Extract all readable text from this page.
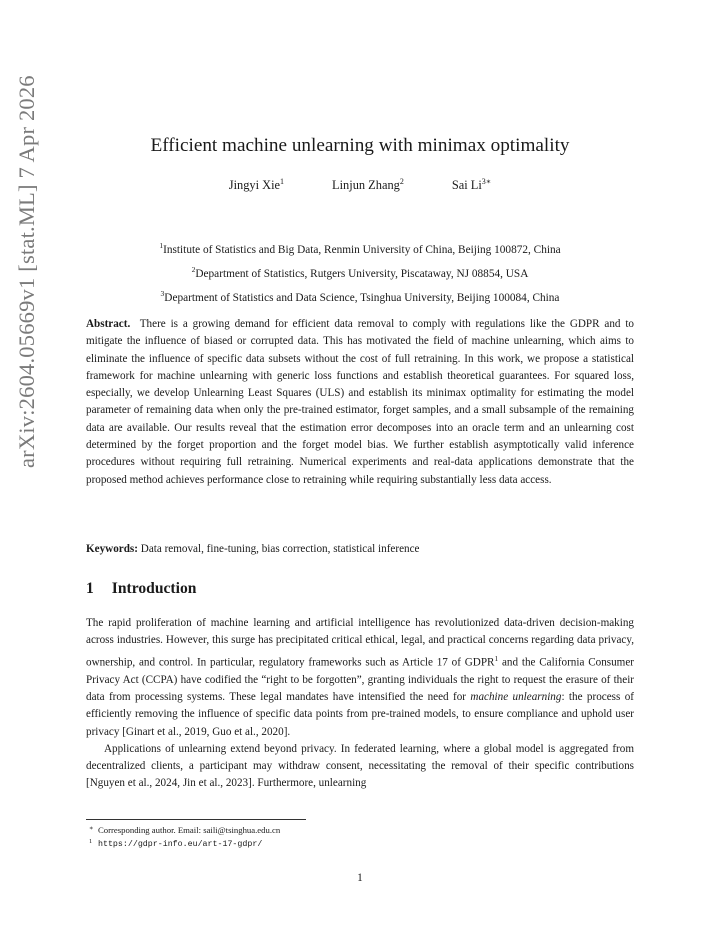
arXiv:2604.05669v1 [stat.ML] 7 Apr 2026	Efficient machine unlearning with minimax optimality
Jingyi Xie$^1$	Linjun Zhang$^2$	Sai $Li^{3∗}$
$^1$Institute of Statistics and Big Data, Renmin University of China, Beijing 100872, China
$^2$Department of Statistics, Rutgers University, Piscataway, NJ 08854, USA
$^3$Department of Statistics and Data Science, Tsinghua University, Beijing 100084, China
Abstract. There is a growing demand for efficient data removal to comply with regulations like the GDPR and to mitigate the influence of biased or corrupted data. This has motivated the field of machine unlearning, which aims to eliminate the influence of specific data subsets without the cost of full retraining. In this work, we propose a statistical framework for machine unlearning with generic loss functions and establish theoretical guarantees. For squared loss, especially, we develop Unlearning Least Squares (ULS) and establish its minimax optimality for estimating the model parameter of remaining data when only the pre-trained estimator, forget samples, and a small subsample of the remaining data are available. Our results reveal that the estimation error decomposes into an oracle term and an unlearning cost determined by the forget proportion and the forget model bias. We further establish asymptotically valid inference procedures without requiring full retraining. Numerical experiments and real-data applications demonstrate that the proposed method achieves performance close to retraining while requiring substantially less data access.
Keywords: Data removal, fine-tuning, bias correction, statistical inference
1 Introduction

The rapid proliferation of machine learning and artificial intelligence has revolutionized data-driven decision-making across industries. However, this surge has precipitated critical ethical, legal, and practical concerns regarding data privacy, ownership, and control. In particular, regulatory frameworks such as Article 17 of GDPR$^1$ and the California Consumer Privacy Act (CCPA) have codified the “right to be forgotten”, granting individuals the right to request the erasure of their data from processing systems. These legal mandates have intensified the need for machine unlearning: the process of efficiently removing the influence of specific data points from pre-trained models, to ensure compliance and uphold user privacy [Ginart et al., 2019, Guo et al., 2020].

Applications of unlearning extend beyond privacy. In federated learning, where a global model is aggregated from decentralized clients, a participant may withdraw consent, necessitating the removal of their specific contributions [Nguyen et al., 2024, Jin et al., 2023]. Furthermore, unlearning

∗ Corresponding author. Email: saili@tsinghua.edu.cn
1 https://gdpr-info.eu/art-17-gdpr/
1
